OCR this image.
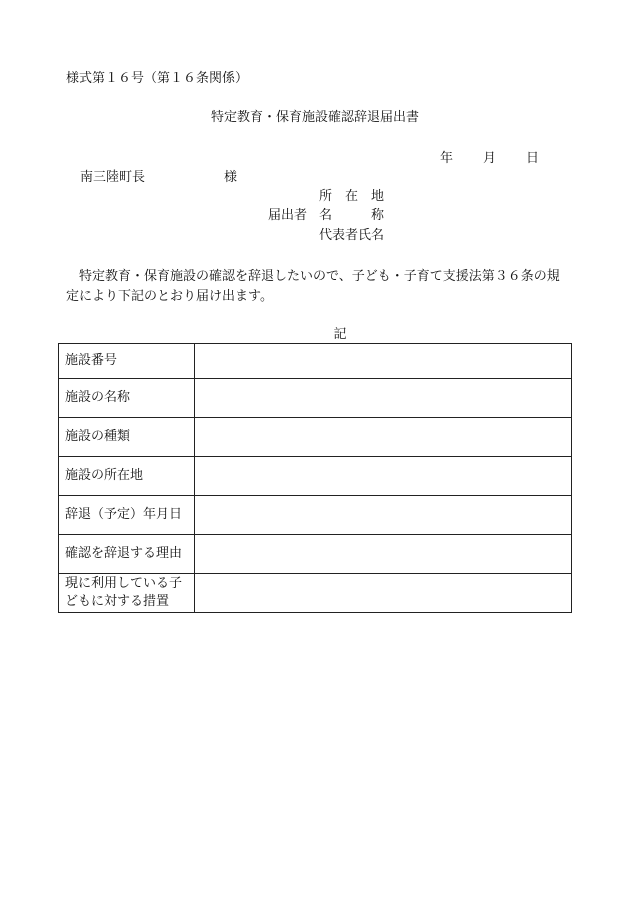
様式第１６号（第１６条関係）
特定教育・保育施設確認辞退届出書
年 月 日
南三陸町長	様
届出者
所　在　地
名　　　称
代表者氏名
特定教育・保育施設の確認を辞退したいので、子ども・子育て支援法第３６条の規定により下記のとおり届け出ます。
記
施設番号	
施設の名称	
施設の種類	
施設の所在地	
辞退（予定）年月日	
確認を辞退する理由	
現に利用している子どもに対する措置	
